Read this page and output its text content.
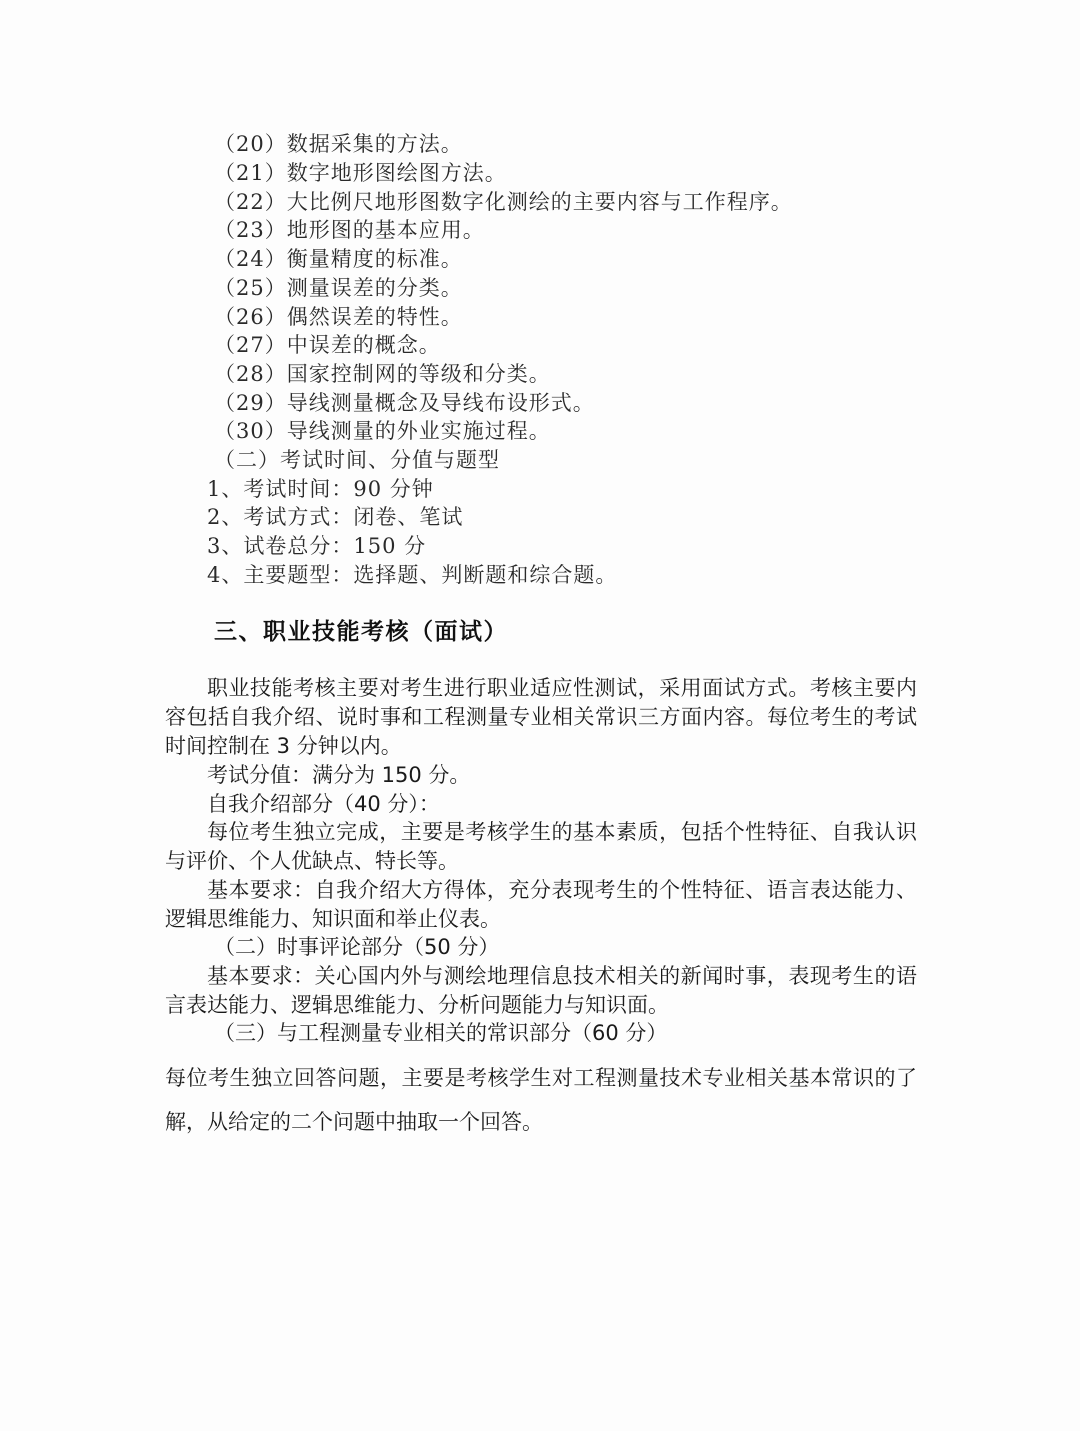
（20）数据采集的方法。
（21）数字地形图绘图方法。
（22）大比例尺地形图数字化测绘的主要内容与工作程序。
（23）地形图的基本应用。
（24）衡量精度的标准。
（25）测量误差的分类。
（26）偶然误差的特性。
（27）中误差的概念。
（28）国家控制网的等级和分类。
（29）导线测量概念及导线布设形式。
（30）导线测量的外业实施过程。
（二）考试时间、分值与题型
1、考试时间：90 分钟
2、考试方式：闭卷、笔试
3、试卷总分：150 分
4、主要题型：选择题、判断题和综合题。
三、职业技能考核（面试）
职业技能考核主要对考生进行职业适应性测试，采用面试方式。考核主要内
容包括自我介绍、说时事和工程测量专业相关常识三方面内容。每位考生的考试
时间控制在 3 分钟以内。
考试分值：满分为 150 分。
自我介绍部分（40 分）：
每位考生独立完成，主要是考核学生的基本素质，包括个性特征、自我认识
与评价、个人优缺点、特长等。
基本要求：自我介绍大方得体，充分表现考生的个性特征、语言表达能力、
逻辑思维能力、知识面和举止仪表。
（二）时事评论部分（50 分）
基本要求：关心国内外与测绘地理信息技术相关的新闻时事，表现考生的语
言表达能力、逻辑思维能力、分析问题能力与知识面。
（三）与工程测量专业相关的常识部分（60 分）
每位考生独立回答问题，主要是考核学生对工程测量技术专业相关基本常识的了
解，从给定的二个问题中抽取一个回答。
